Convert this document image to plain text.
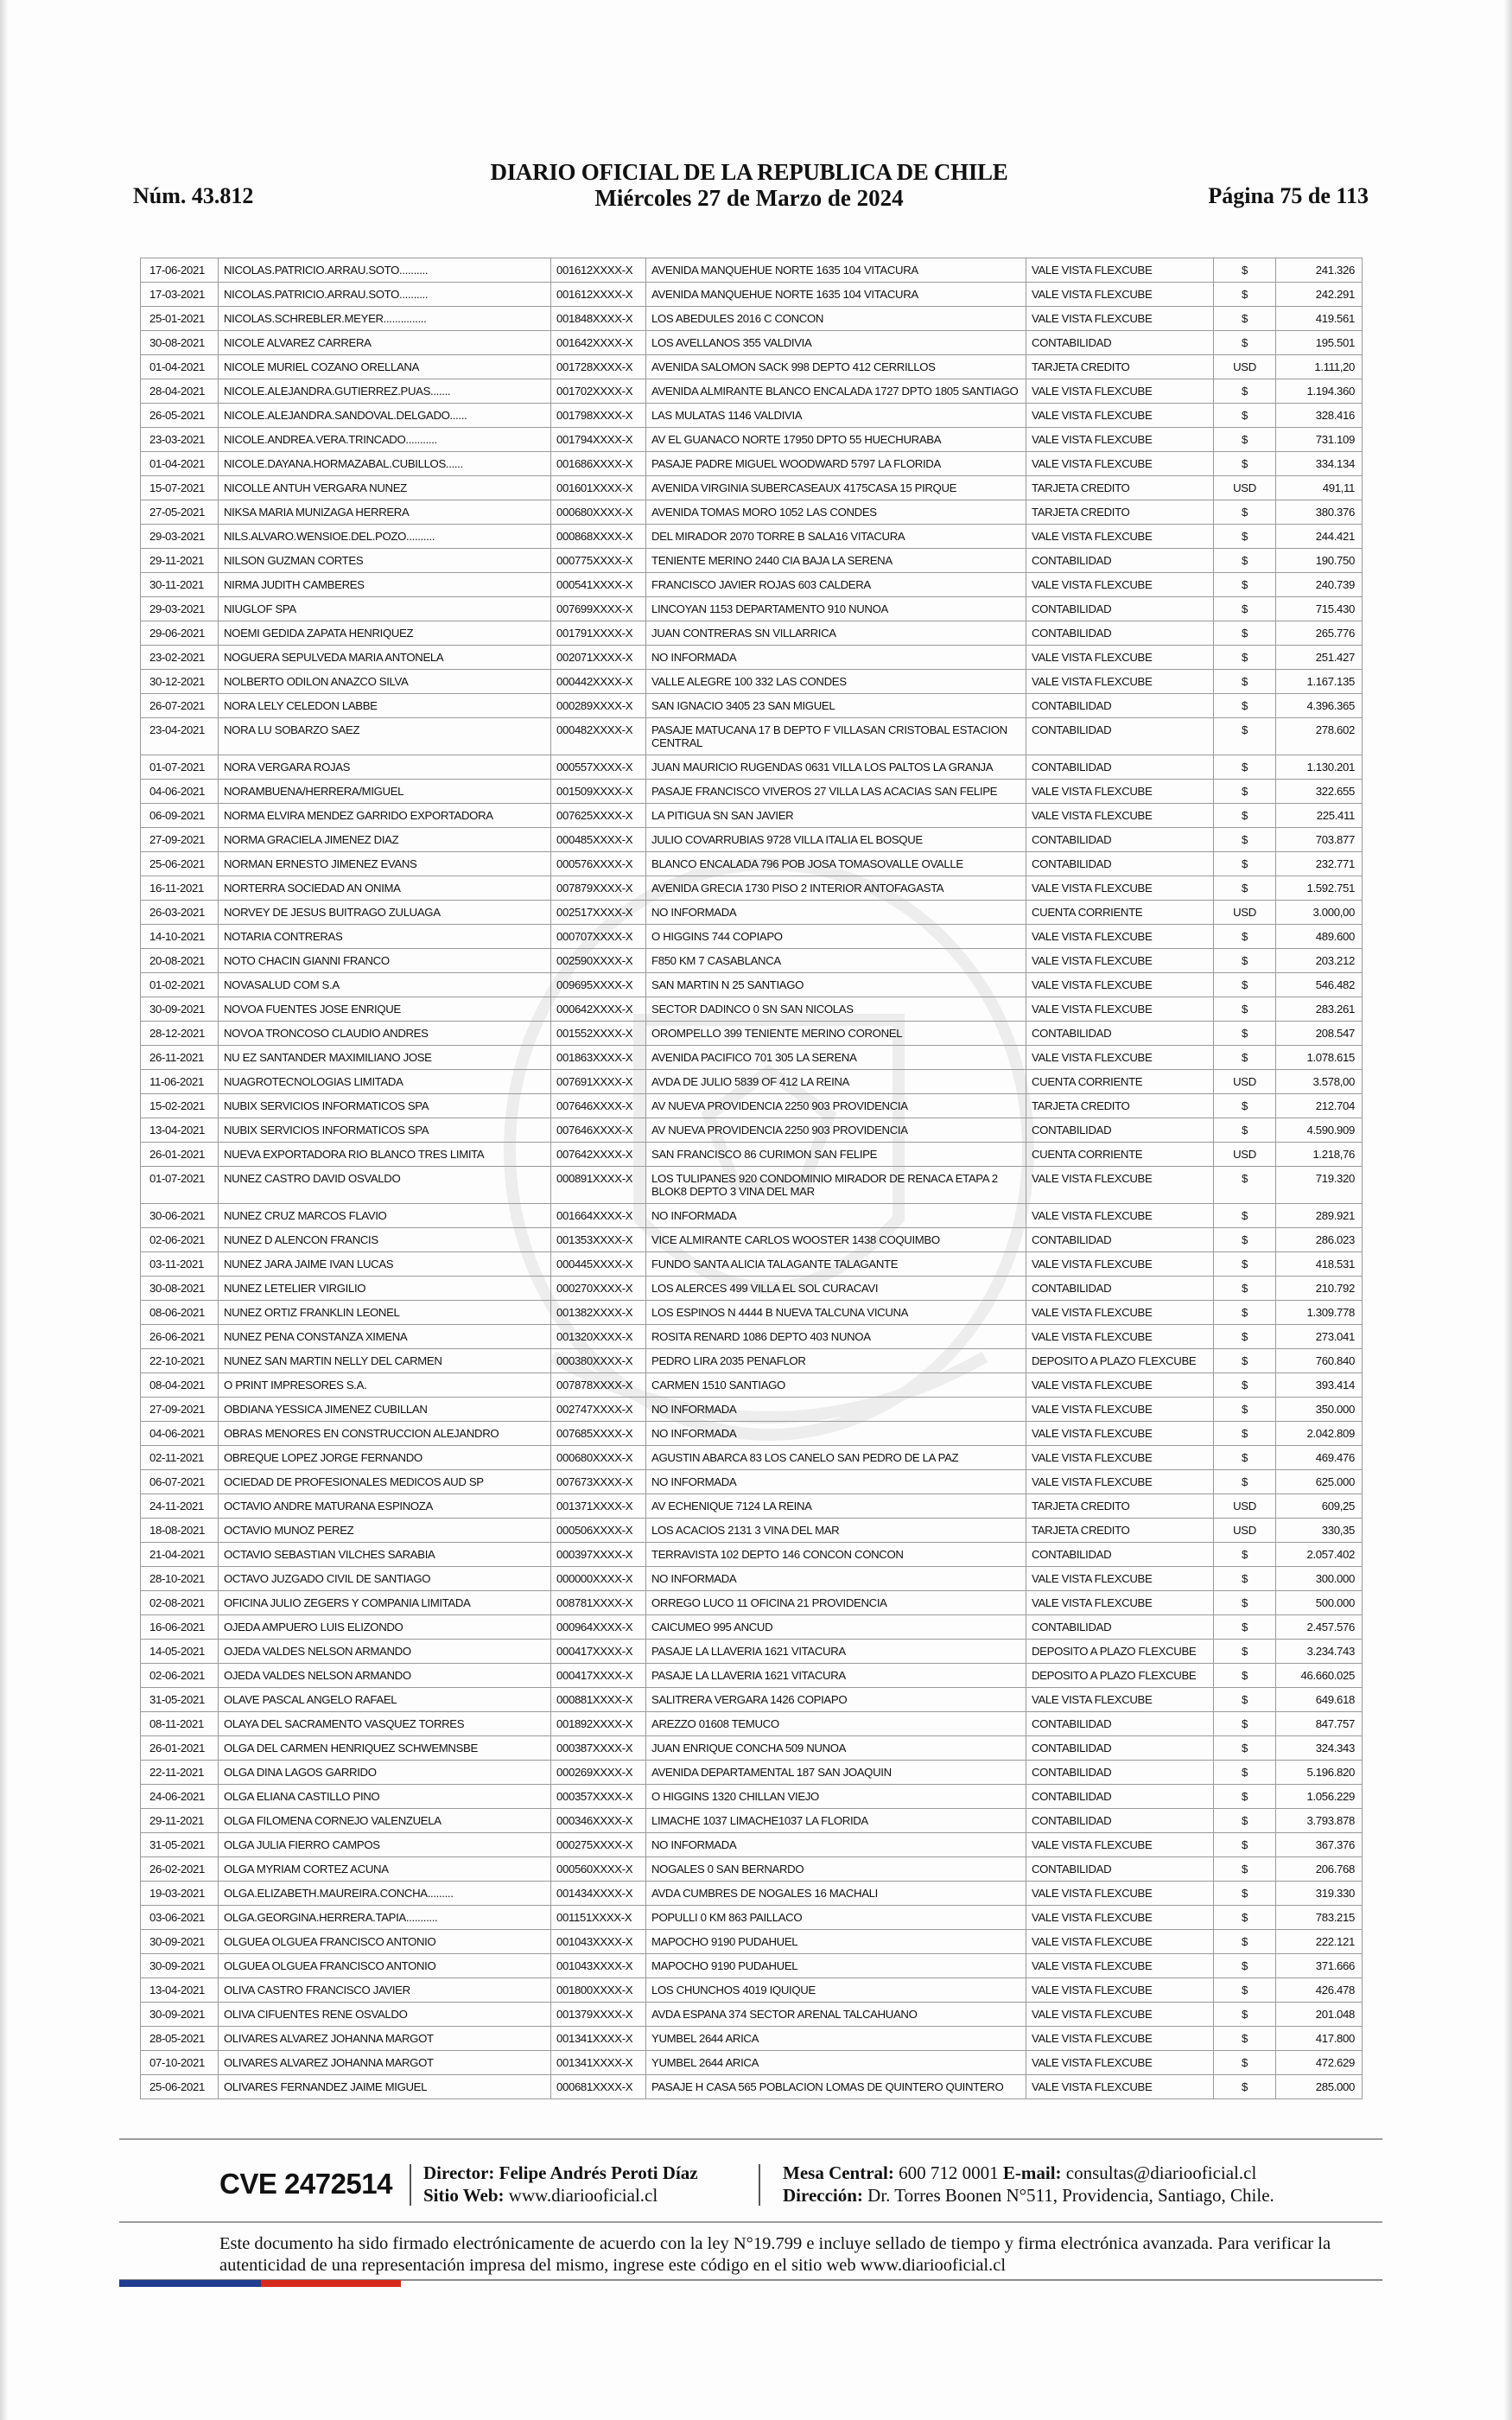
Núm. 43.812
DIARIO OFICIAL DE LA REPUBLICA DE CHILE
Miércoles 27 de Marzo de 2024	Página 75 de 113
17-06-2021	NICOLAS.PATRICIO.ARRAU.SOTO..........	001612XXXX-X	AVENIDA MANQUEHUE NORTE 1635 104 VITACURA	VALE VISTA FLEXCUBE	$	241.326
17-03-2021	NICOLAS.PATRICIO.ARRAU.SOTO..........	001612XXXX-X	AVENIDA MANQUEHUE NORTE 1635 104 VITACURA	VALE VISTA FLEXCUBE	$	242.291
25-01-2021	NICOLAS.SCHREBLER.MEYER...............	001848XXXX-X	LOS ABEDULES 2016 C CONCON	VALE VISTA FLEXCUBE	$	419.561
30-08-2021	NICOLE ALVAREZ CARRERA	001642XXXX-X	LOS AVELLANOS 355 VALDIVIA	CONTABILIDAD	$	195.501
01-04-2021	NICOLE MURIEL COZANO ORELLANA	001728XXXX-X	AVENIDA SALOMON SACK 998 DEPTO 412 CERRILLOS	TARJETA CREDITO	USD	1.111,20
28-04-2021	NICOLE.ALEJANDRA.GUTIERREZ.PUAS.......	001702XXXX-X	AVENIDA ALMIRANTE BLANCO ENCALADA 1727 DPTO 1805 SANTIAGO	VALE VISTA FLEXCUBE	$	1.194.360
26-05-2021	NICOLE.ALEJANDRA.SANDOVAL.DELGADO......	001798XXXX-X	LAS MULATAS 1146 VALDIVIA	VALE VISTA FLEXCUBE	$	328.416
23-03-2021	NICOLE.ANDREA.VERA.TRINCADO...........	001794XXXX-X	AV EL GUANACO NORTE 17950 DPTO 55 HUECHURABA	VALE VISTA FLEXCUBE	$	731.109
01-04-2021	NICOLE.DAYANA.HORMAZABAL.CUBILLOS......	001686XXXX-X	PASAJE PADRE MIGUEL WOODWARD 5797 LA FLORIDA	VALE VISTA FLEXCUBE	$	334.134
15-07-2021	NICOLLE ANTUH VERGARA NUNEZ	001601XXXX-X	AVENIDA VIRGINIA SUBERCASEAUX 4175CASA 15 PIRQUE	TARJETA CREDITO	USD	491,11
27-05-2021	NIKSA MARIA MUNIZAGA HERRERA	000680XXXX-X	AVENIDA TOMAS MORO 1052 LAS CONDES	TARJETA CREDITO	$	380.376
29-03-2021	NILS.ALVARO.WENSIOE.DEL.POZO..........	000868XXXX-X	DEL MIRADOR 2070 TORRE B SALA16 VITACURA	VALE VISTA FLEXCUBE	$	244.421
29-11-2021	NILSON GUZMAN CORTES	000775XXXX-X	TENIENTE MERINO 2440 CIA BAJA LA SERENA	CONTABILIDAD	$	190.750
30-11-2021	NIRMA JUDITH CAMBERES	000541XXXX-X	FRANCISCO JAVIER ROJAS 603 CALDERA	VALE VISTA FLEXCUBE	$	240.739
29-03-2021	NIUGLOF SPA	007699XXXX-X	LINCOYAN 1153 DEPARTAMENTO 910 NUNOA	CONTABILIDAD	$	715.430
29-06-2021	NOEMI GEDIDA ZAPATA HENRIQUEZ	001791XXXX-X	JUAN CONTRERAS SN VILLARRICA	CONTABILIDAD	$	265.776
23-02-2021	NOGUERA SEPULVEDA MARIA ANTONELA	002071XXXX-X	NO INFORMADA	VALE VISTA FLEXCUBE	$	251.427
30-12-2021	NOLBERTO ODILON ANAZCO SILVA	000442XXXX-X	VALLE ALEGRE 100 332 LAS CONDES	VALE VISTA FLEXCUBE	$	1.167.135
26-07-2021	NORA LELY CELEDON LABBE	000289XXXX-X	SAN IGNACIO 3405 23 SAN MIGUEL	CONTABILIDAD	$	4.396.365
23-04-2021	NORA LU SOBARZO SAEZ	000482XXXX-X	PASAJE MATUCANA 17 B DEPTO F VILLASAN CRISTOBAL ESTACION CENTRAL	CONTABILIDAD	$	278.602
01-07-2021	NORA VERGARA ROJAS	000557XXXX-X	JUAN MAURICIO RUGENDAS 0631 VILLA LOS PALTOS LA GRANJA	CONTABILIDAD	$	1.130.201
04-06-2021	NORAMBUENA/HERRERA/MIGUEL	001509XXXX-X	PASAJE FRANCISCO VIVEROS 27 VILLA LAS ACACIAS SAN FELIPE	VALE VISTA FLEXCUBE	$	322.655
06-09-2021	NORMA ELVIRA MENDEZ GARRIDO EXPORTADORA	007625XXXX-X	LA PITIGUA SN SAN JAVIER	VALE VISTA FLEXCUBE	$	225.411
27-09-2021	NORMA GRACIELA JIMENEZ DIAZ	000485XXXX-X	JULIO COVARRUBIAS 9728 VILLA ITALIA EL BOSQUE	CONTABILIDAD	$	703.877
25-06-2021	NORMAN ERNESTO JIMENEZ EVANS	000576XXXX-X	BLANCO ENCALADA 796 POB JOSA TOMASOVALLE OVALLE	CONTABILIDAD	$	232.771
16-11-2021	NORTERRA SOCIEDAD AN ONIMA	007879XXXX-X	AVENIDA GRECIA 1730 PISO 2 INTERIOR ANTOFAGASTA	VALE VISTA FLEXCUBE	$	1.592.751
26-03-2021	NORVEY DE JESUS BUITRAGO ZULUAGA	002517XXXX-X	NO INFORMADA	CUENTA CORRIENTE	USD	3.000,00
14-10-2021	NOTARIA CONTRERAS	000707XXXX-X	O HIGGINS 744 COPIAPO	VALE VISTA FLEXCUBE	$	489.600
20-08-2021	NOTO CHACIN GIANNI FRANCO	002590XXXX-X	F850 KM 7 CASABLANCA	VALE VISTA FLEXCUBE	$	203.212
01-02-2021	NOVASALUD COM S.A	009695XXXX-X	SAN MARTIN N 25 SANTIAGO	VALE VISTA FLEXCUBE	$	546.482
30-09-2021	NOVOA FUENTES JOSE ENRIQUE	000642XXXX-X	SECTOR DADINCO 0 SN SAN NICOLAS	VALE VISTA FLEXCUBE	$	283.261
28-12-2021	NOVOA TRONCOSO CLAUDIO ANDRES	001552XXXX-X	OROMPELLO 399 TENIENTE MERINO CORONEL	CONTABILIDAD	$	208.547
26-11-2021	NU EZ SANTANDER MAXIMILIANO JOSE	001863XXXX-X	AVENIDA PACIFICO 701 305 LA SERENA	VALE VISTA FLEXCUBE	$	1.078.615
11-06-2021	NUAGROTECNOLOGIAS LIMITADA	007691XXXX-X	AVDA DE JULIO 5839 OF 412 LA REINA	CUENTA CORRIENTE	USD	3.578,00
15-02-2021	NUBIX SERVICIOS INFORMATICOS SPA	007646XXXX-X	AV NUEVA PROVIDENCIA 2250 903 PROVIDENCIA	TARJETA CREDITO	$	212.704
13-04-2021	NUBIX SERVICIOS INFORMATICOS SPA	007646XXXX-X	AV NUEVA PROVIDENCIA 2250 903 PROVIDENCIA	CONTABILIDAD	$	4.590.909
26-01-2021	NUEVA EXPORTADORA RIO BLANCO TRES LIMITA	007642XXXX-X	SAN FRANCISCO 86 CURIMON SAN FELIPE	CUENTA CORRIENTE	USD	1.218,76
01-07-2021	NUNEZ CASTRO DAVID OSVALDO	000891XXXX-X	LOS TULIPANES 920 CONDOMINIO MIRADOR DE RENACA ETAPA 2 BLOK8 DEPTO 3 VINA DEL MAR	VALE VISTA FLEXCUBE	$	719.320
30-06-2021	NUNEZ CRUZ MARCOS FLAVIO	001664XXXX-X	NO INFORMADA	VALE VISTA FLEXCUBE	$	289.921
02-06-2021	NUNEZ D ALENCON FRANCIS	001353XXXX-X	VICE ALMIRANTE CARLOS WOOSTER 1438 COQUIMBO	CONTABILIDAD	$	286.023
03-11-2021	NUNEZ JARA JAIME IVAN LUCAS	000445XXXX-X	FUNDO SANTA ALICIA TALAGANTE TALAGANTE	VALE VISTA FLEXCUBE	$	418.531
30-08-2021	NUNEZ LETELIER VIRGILIO	000270XXXX-X	LOS ALERCES 499 VILLA EL SOL CURACAVI	CONTABILIDAD	$	210.792
08-06-2021	NUNEZ ORTIZ FRANKLIN LEONEL	001382XXXX-X	LOS ESPINOS N 4444 B NUEVA TALCUNA VICUNA	VALE VISTA FLEXCUBE	$	1.309.778
26-06-2021	NUNEZ PENA CONSTANZA XIMENA	001320XXXX-X	ROSITA RENARD 1086 DEPTO 403 NUNOA	VALE VISTA FLEXCUBE	$	273.041
22-10-2021	NUNEZ SAN MARTIN NELLY DEL CARMEN	000380XXXX-X	PEDRO LIRA 2035 PENAFLOR	DEPOSITO A PLAZO FLEXCUBE	$	760.840
08-04-2021	O PRINT IMPRESORES S.A.	007878XXXX-X	CARMEN 1510 SANTIAGO	VALE VISTA FLEXCUBE	$	393.414
27-09-2021	OBDIANA YESSICA JIMENEZ CUBILLAN	002747XXXX-X	NO INFORMADA	VALE VISTA FLEXCUBE	$	350.000
04-06-2021	OBRAS MENORES EN CONSTRUCCION ALEJANDRO	007685XXXX-X	NO INFORMADA	VALE VISTA FLEXCUBE	$	2.042.809
02-11-2021	OBREQUE LOPEZ JORGE FERNANDO	000680XXXX-X	AGUSTIN ABARCA 83 LOS CANELO SAN PEDRO DE LA PAZ	VALE VISTA FLEXCUBE	$	469.476
06-07-2021	OCIEDAD DE PROFESIONALES MEDICOS AUD SP	007673XXXX-X	NO INFORMADA	VALE VISTA FLEXCUBE	$	625.000
24-11-2021	OCTAVIO ANDRE MATURANA ESPINOZA	001371XXXX-X	AV ECHENIQUE 7124 LA REINA	TARJETA CREDITO	USD	609,25
18-08-2021	OCTAVIO MUNOZ PEREZ	000506XXXX-X	LOS ACACIOS 2131 3 VINA DEL MAR	TARJETA CREDITO	USD	330,35
21-04-2021	OCTAVIO SEBASTIAN VILCHES SARABIA	000397XXXX-X	TERRAVISTA 102 DEPTO 146 CONCON CONCON	CONTABILIDAD	$	2.057.402
28-10-2021	OCTAVO JUZGADO CIVIL DE SANTIAGO	000000XXXX-X	NO INFORMADA	VALE VISTA FLEXCUBE	$	300.000
02-08-2021	OFICINA JULIO ZEGERS Y COMPANIA LIMITADA	008781XXXX-X	ORREGO LUCO 11 OFICINA 21 PROVIDENCIA	VALE VISTA FLEXCUBE	$	500.000
16-06-2021	OJEDA AMPUERO LUIS ELIZONDO	000964XXXX-X	CAICUMEO 995 ANCUD	CONTABILIDAD	$	2.457.576
14-05-2021	OJEDA VALDES NELSON ARMANDO	000417XXXX-X	PASAJE LA LLAVERIA 1621 VITACURA	DEPOSITO A PLAZO FLEXCUBE	$	3.234.743
02-06-2021	OJEDA VALDES NELSON ARMANDO	000417XXXX-X	PASAJE LA LLAVERIA 1621 VITACURA	DEPOSITO A PLAZO FLEXCUBE	$	46.660.025
31-05-2021	OLAVE PASCAL ANGELO RAFAEL	000881XXXX-X	SALITRERA VERGARA 1426 COPIAPO	VALE VISTA FLEXCUBE	$	649.618
08-11-2021	OLAYA DEL SACRAMENTO VASQUEZ TORRES	001892XXXX-X	AREZZO 01608 TEMUCO	CONTABILIDAD	$	847.757
26-01-2021	OLGA DEL CARMEN HENRIQUEZ SCHWEMNSBE	000387XXXX-X	JUAN ENRIQUE CONCHA 509 NUNOA	CONTABILIDAD	$	324.343
22-11-2021	OLGA DINA LAGOS GARRIDO	000269XXXX-X	AVENIDA DEPARTAMENTAL 187 SAN JOAQUIN	CONTABILIDAD	$	5.196.820
24-06-2021	OLGA ELIANA CASTILLO PINO	000357XXXX-X	O HIGGINS 1320 CHILLAN VIEJO	CONTABILIDAD	$	1.056.229
29-11-2021	OLGA FILOMENA CORNEJO VALENZUELA	000346XXXX-X	LIMACHE 1037 LIMACHE1037 LA FLORIDA	CONTABILIDAD	$	3.793.878
31-05-2021	OLGA JULIA FIERRO CAMPOS	000275XXXX-X	NO INFORMADA	VALE VISTA FLEXCUBE	$	367.376
26-02-2021	OLGA MYRIAM CORTEZ ACUNA	000560XXXX-X	NOGALES 0 SAN BERNARDO	CONTABILIDAD	$	206.768
19-03-2021	OLGA.ELIZABETH.MAUREIRA.CONCHA.........	001434XXXX-X	AVDA CUMBRES DE NOGALES 16 MACHALI	VALE VISTA FLEXCUBE	$	319.330
03-06-2021	OLGA.GEORGINA.HERRERA.TAPIA...........	001151XXXX-X	POPULLI 0 KM 863 PAILLACO	VALE VISTA FLEXCUBE	$	783.215
30-09-2021	OLGUEA OLGUEA FRANCISCO ANTONIO	001043XXXX-X	MAPOCHO 9190 PUDAHUEL	VALE VISTA FLEXCUBE	$	222.121
30-09-2021	OLGUEA OLGUEA FRANCISCO ANTONIO	001043XXXX-X	MAPOCHO 9190 PUDAHUEL	VALE VISTA FLEXCUBE	$	371.666
13-04-2021	OLIVA CASTRO FRANCISCO JAVIER	001800XXXX-X	LOS CHUNCHOS 4019 IQUIQUE	VALE VISTA FLEXCUBE	$	426.478
30-09-2021	OLIVA CIFUENTES RENE OSVALDO	001379XXXX-X	AVDA ESPANA 374 SECTOR ARENAL TALCAHUANO	VALE VISTA FLEXCUBE	$	201.048
28-05-2021	OLIVARES ALVAREZ JOHANNA MARGOT	001341XXXX-X	YUMBEL 2644 ARICA	VALE VISTA FLEXCUBE	$	417.800
07-10-2021	OLIVARES ALVAREZ JOHANNA MARGOT	001341XXXX-X	YUMBEL 2644 ARICA	VALE VISTA FLEXCUBE	$	472.629
25-06-2021	OLIVARES FERNANDEZ JAIME MIGUEL	000681XXXX-X	PASAJE H CASA 565 POBLACION LOMAS DE QUINTERO QUINTERO	VALE VISTA FLEXCUBE	$	285.000
CVE 2472514 Director: Felipe Andrés Peroti Díaz
Sitio Web: www.diariooficial.cl
Mesa Central: 600 712 0001 E-mail: consultas@diariooficial.cl
Dirección: Dr. Torres Boonen N°511, Providencia, Santiago, Chile.
Este documento ha sido firmado electrónicamente de acuerdo con la ley N°19.799 e incluye sellado de tiempo y firma electrónica avanzada. Para verificar la autenticidad de una representación impresa del mismo, ingrese este código en el sitio web www.diariooficial.cl
